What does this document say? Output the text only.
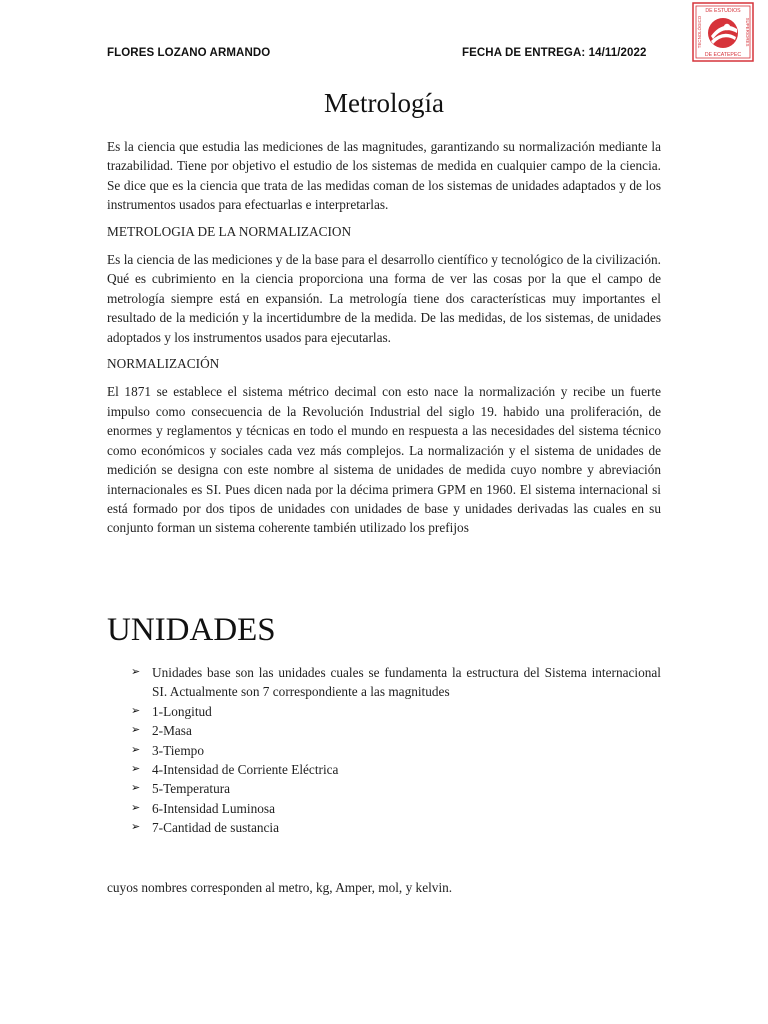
FLORES LOZANO ARMANDO	FECHA DE ENTREGA: 14/11/2022
DE ESTUDIOS
DE ECATEPEC
TECNOLÓGICO	SUPERIORES
Metrología

Es la ciencia que estudia las mediciones de las magnitudes, garantizando su normalización mediante la trazabilidad. Tiene por objetivo el estudio de los sistemas de medida en cualquier campo de la ciencia. Se dice que es la ciencia que trata de las medidas coman de los sistemas de unidades adaptados y de los instrumentos usados para efectuarlas e interpretarlas.

METROLOGIA DE LA NORMALIZACION

Es la ciencia de las mediciones y de la base para el desarrollo científico y tecnológico de la civilización. Qué es cubrimiento en la ciencia proporciona una forma de ver las cosas por la que el campo de metrología siempre está en expansión. La metrología tiene dos características muy importantes el resultado de la medición y la incertidumbre de la medida. De las medidas, de los sistemas, de unidades adoptados y los instrumentos usados para ejecutarlas.

NORMALIZACIÓN

El 1871 se establece el sistema métrico decimal con esto nace la normalización y recibe un fuerte impulso como consecuencia de la Revolución Industrial del siglo 19. habido una proliferación, de enormes y reglamentos y técnicas en todo el mundo en respuesta a las necesidades del sistema técnico como económicos y sociales cada vez más complejos. La normalización y el sistema de unidades de medición se designa con este nombre al sistema de unidades de medida cuyo nombre y abreviación internacionales es SI. Pues dicen nada por la décima primera GPM en 1960. El sistema internacional si está formado por dos tipos de unidades con unidades de base y unidades derivadas las cuales en su conjunto forman un sistema coherente también utilizado los prefijos

UNIDADES
➢ Unidades base son las unidades cuales se fundamenta la estructura del Sistema internacional SI. Actualmente son 7 correspondiente a las magnitudes
➢ 1-Longitud
➢ 2-Masa
➢ 3-Tiempo
➢ 4-Intensidad de Corriente Eléctrica
➢ 5-Temperatura
➢ 6-Intensidad Luminosa
➢ 7-Cantidad de sustancia

cuyos nombres corresponden al metro, kg, Amper, mol, y kelvin.
